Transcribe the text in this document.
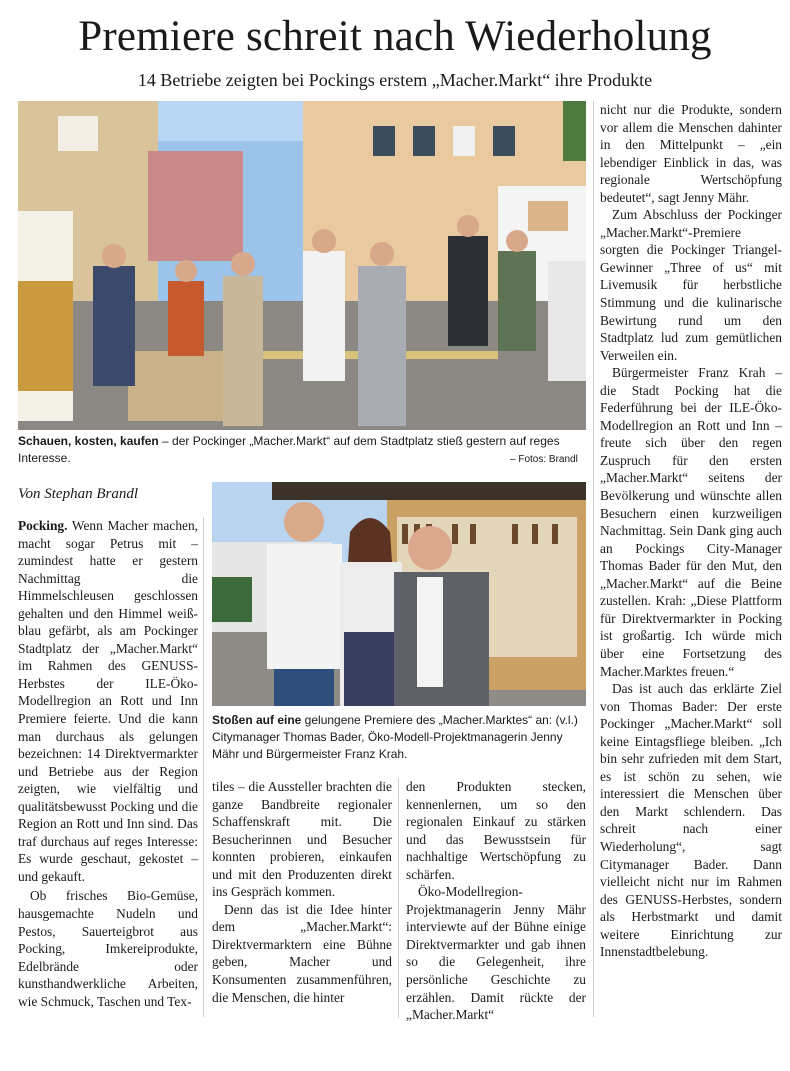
Premiere schreit nach Wiederholung
14 Betriebe zeigten bei Pockings erstem „Macher.Markt“ ihre Produkte
Schauen, kosten, kaufen – der Pockinger „Macher.Markt“ auf dem Stadtplatz stieß gestern auf reges Interesse.	– Fotos: Brandl
Von Stephan Brandl
Stoßen auf eine gelungene Premiere des „Macher.Marktes“ an: (v.l.) Citymanager Thomas Bader, Öko-Modell-Projektmanagerin Jenny Mähr und Bürgermeister Franz Krah.

Pocking. Wenn Macher machen, macht sogar Petrus mit – zumindest hatte er gestern Nachmittag die Himmelschleusen geschlossen gehalten und den Himmel weiß-blau gefärbt, als am Pockinger Stadtplatz der „Macher.Markt“ im Rahmen des GENUSS-Herbstes der ILE-Öko-Modellregion an Rott und Inn Premiere feierte. Und die kann man durchaus als gelungen bezeichnen: 14 Direktvermarkter und Betriebe aus der Region zeigten, wie vielfältig und qualitätsbewusst Pocking und die Region an Rott und Inn sind. Das traf durchaus auf reges Interesse: Es wurde geschaut, gekostet – und gekauft.

Ob frisches Bio-Gemüse, hausgemachte Nudeln und Pestos, Sauerteigbrot aus Pocking, Imkereiprodukte, Edelbrände oder kunsthandwerkliche Arbeiten, wie Schmuck, Taschen und Tex-

tiles – die Aussteller brachten die ganze Bandbreite regionaler Schaffenskraft mit. Die Besucherinnen und Besucher konnten probieren, einkaufen und mit den Produzenten direkt ins Gespräch kommen.

Denn das ist die Idee hinter dem „Macher.Markt“: Direktvermarktern eine Bühne geben, Macher und Konsumenten zusammenführen, die Menschen, die hinter

den Produkten stecken, kennenlernen, um so den regionalen Einkauf zu stärken und das Bewusstsein für nachhaltige Wertschöpfung zu schärfen.

Öko-Modellregion-Projektmanagerin Jenny Mähr interviewte auf der Bühne einige Direktvermarkter und gab ihnen so die Gelegenheit, ihre persönliche Geschichte zu erzählen. Damit rückte der „Macher.Markt“

nicht nur die Produkte, sondern vor allem die Menschen dahinter in den Mittelpunkt – „ein lebendiger Einblick in das, was regionale Wertschöpfung bedeutet“, sagt Jenny Mähr.

Zum Abschluss der Pockinger „Macher.Markt“-Premiere sorgten die Pockinger Triangel-Gewinner „Three of us“ mit Livemusik für herbstliche Stimmung und die kulinarische Bewirtung rund um den Stadtplatz lud zum gemütlichen Verweilen ein.

Bürgermeister Franz Krah – die Stadt Pocking hat die Federführung bei der ILE-Öko-Modellregion an Rott und Inn – freute sich über den regen Zuspruch für den ersten „Macher.Markt“ seitens der Bevölkerung und wünschte allen Besuchern einen kurzweiligen Nachmittag. Sein Dank ging auch an Pockings City-Manager Thomas Bader für den Mut, den „Macher.Markt“ auf die Beine zustellen. Krah: „Diese Plattform für Direktvermarkter in Pocking ist großartig. Ich würde mich über eine Fortsetzung des Macher.Marktes freuen.“

Das ist auch das erklärte Ziel von Thomas Bader: Der erste Pockinger „Macher.Markt“ soll keine Eintagsfliege bleiben. „Ich bin sehr zufrieden mit dem Start, es ist schön zu sehen, wie interessiert die Menschen über den Markt schlendern. Das schreit nach einer Wiederholung“, sagt Citymanager Bader. Dann vielleicht nicht nur im Rahmen des GENUSS-Herbstes, sondern als Herbstmarkt und damit weitere Einrichtung zur Innenstadtbelebung.
